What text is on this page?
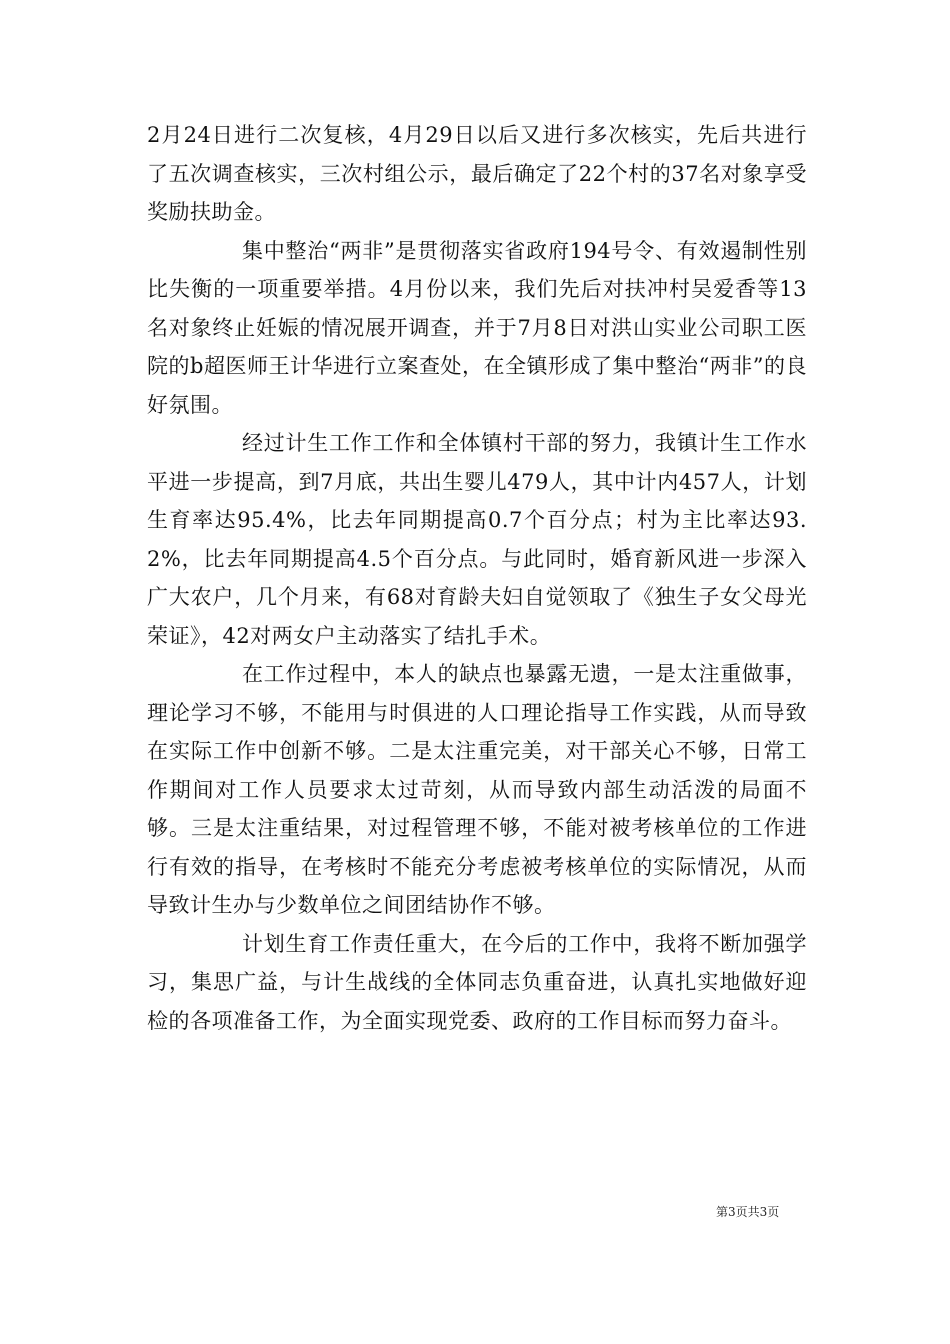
2月24日进行二次复核，4月29日以后又进行多次核实，先后共进行了五次调查核实，三次村组公示，最后确定了22个村的37名对象享受奖励扶助金。

集中整治“两非”是贯彻落实省政府194号令、有效遏制性别比失衡的一项重要举措。4月份以来，我们先后对扶冲村吴爱香等13名对象终止妊娠的情况展开调查，并于7月8日对洪山实业公司职工医院的b超医师王计华进行立案查处，在全镇形成了集中整治“两非”的良好氛围。

经过计生工作工作和全体镇村干部的努力，我镇计生工作水平进一步提高，到7月底，共出生婴儿479人，其中计内457人，计划生育率达95.4%，比去年同期提高0.7个百分点；村为主比率达93.2%，比去年同期提高4.5个百分点。与此同时，婚育新风进一步深入广大农户，几个月来，有68对育龄夫妇自觉领取了《独生子女父母光荣证》，42对两女户主动落实了结扎手术。

在工作过程中，本人的缺点也暴露无遗，一是太注重做事，理论学习不够，不能用与时俱进的人口理论指导工作实践，从而导致在实际工作中创新不够。二是太注重完美，对干部关心不够，日常工作期间对工作人员要求太过苛刻，从而导致内部生动活泼的局面不够。三是太注重结果，对过程管理不够，不能对被考核单位的工作进行有效的指导，在考核时不能充分考虑被考核单位的实际情况，从而导致计生办与少数单位之间团结协作不够。

计划生育工作责任重大，在今后的工作中，我将不断加强学习，集思广益，与计生战线的全体同志负重奋进，认真扎实地做好迎检的各项准备工作，为全面实现党委、政府的工作目标而努力奋斗。

第3页共3页
